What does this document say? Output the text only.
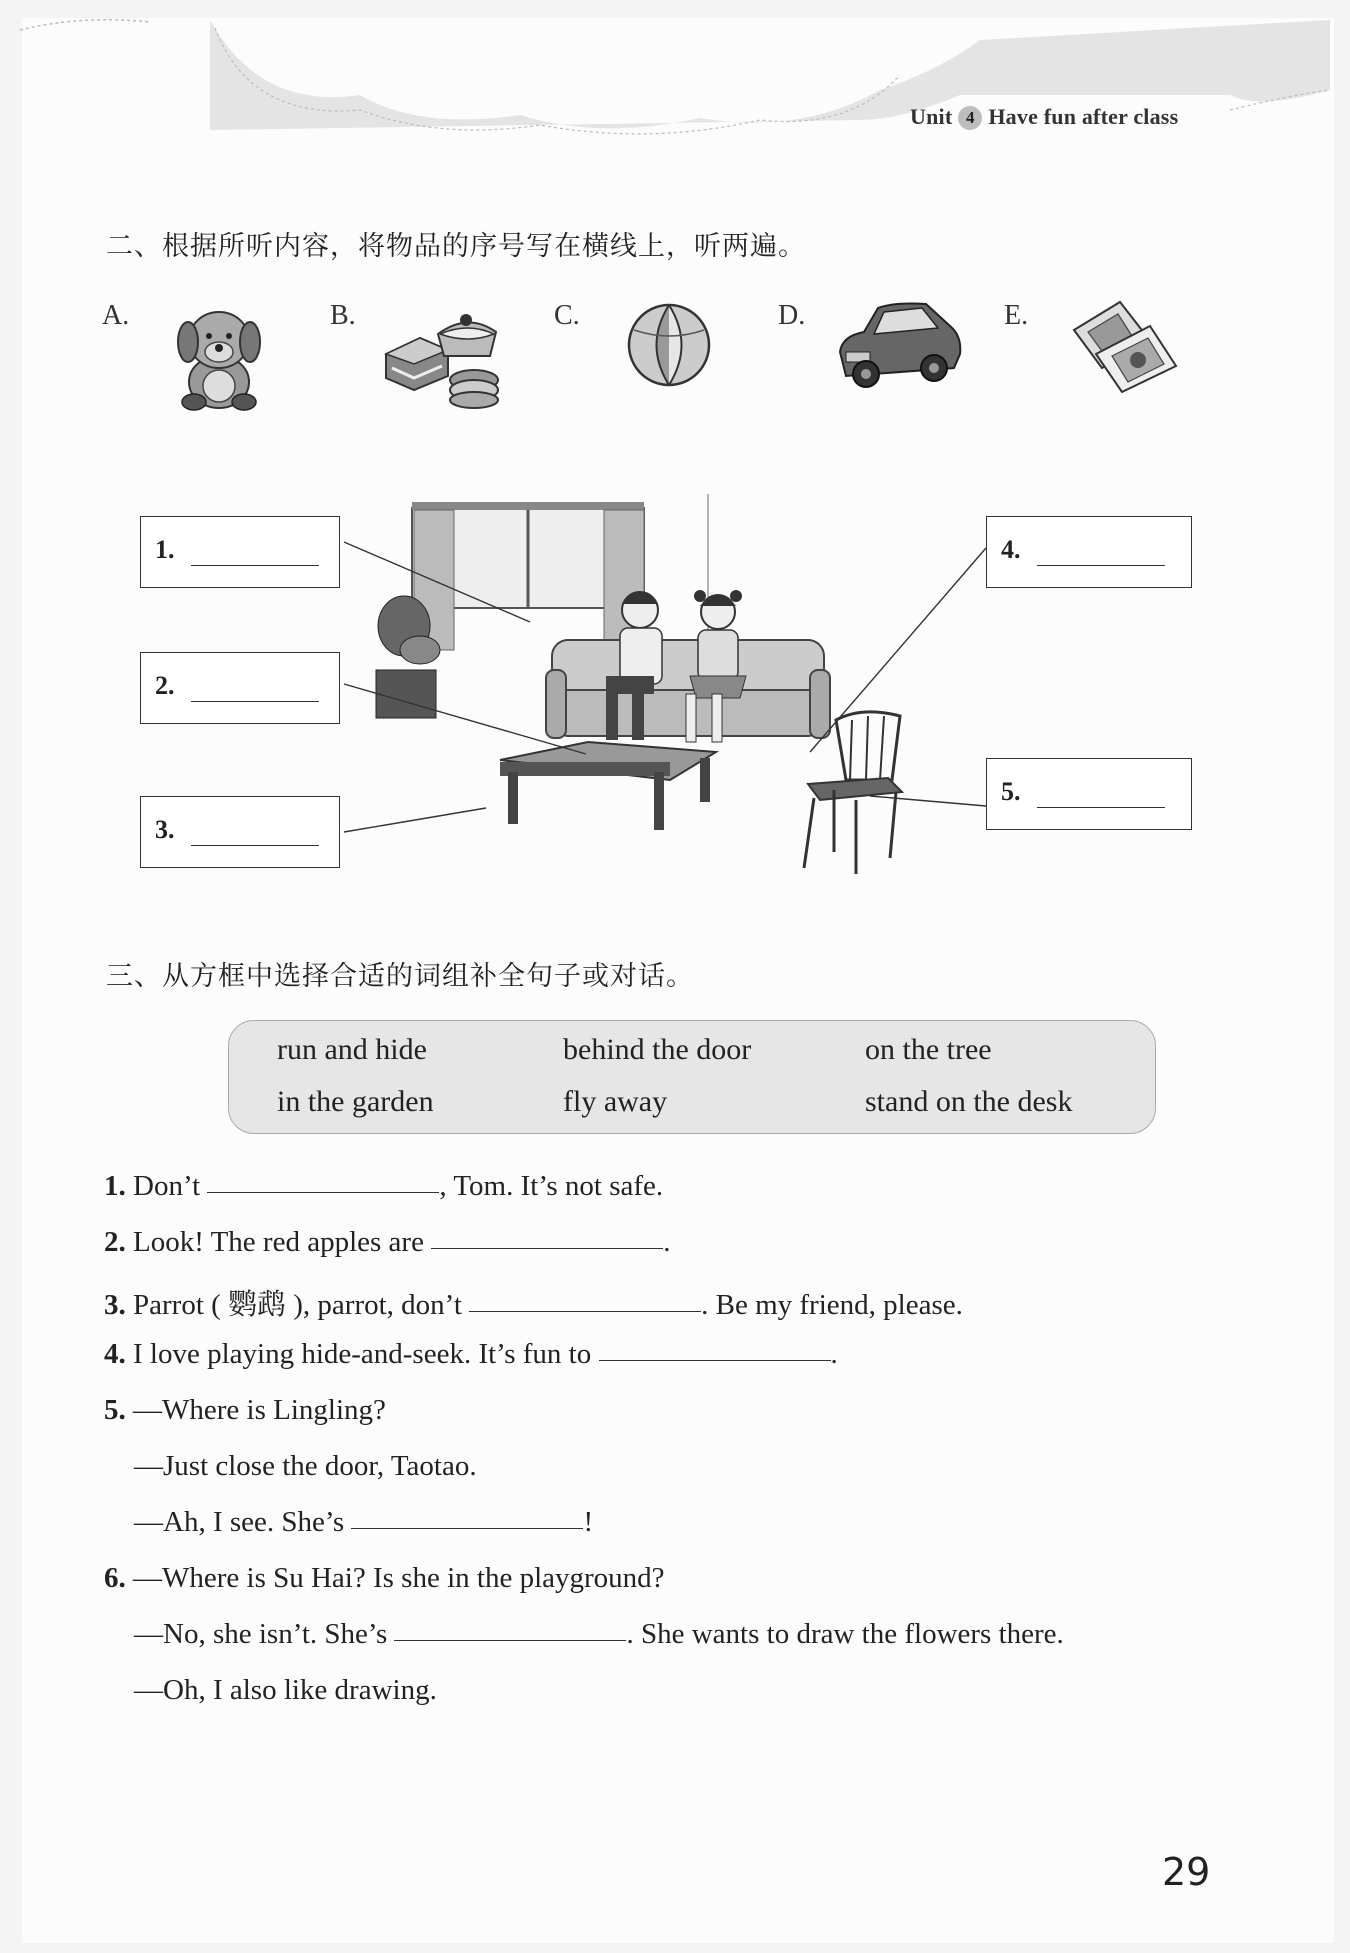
Unit 4 Have fun after class
二、根据所听内容，将物品的序号写在横线上，听两遍。
A.	B.	C.	D.	E.
1.
2.
3.
4.
5.
三、从方框中选择合适的词组补全句子或对话。
run and hide	behind the door	on the tree
in the garden	fly away	stand on the desk
1. Don’t	, Tom. It’s not safe.
2. Look! The red apples are	.
3. Parrot ( 鹦鹉 ), parrot, don’t	. Be my friend, please.
4. I love playing hide-and-seek. It’s fun to	.
5. —Where is Lingling?
—Just close the door, Taotao.
—Ah, I see. She’s	!
6. —Where is Su Hai? Is she in the playground?
—No, she isn’t. She’s	. She wants to draw the flowers there.
—Oh, I also like drawing.
29
